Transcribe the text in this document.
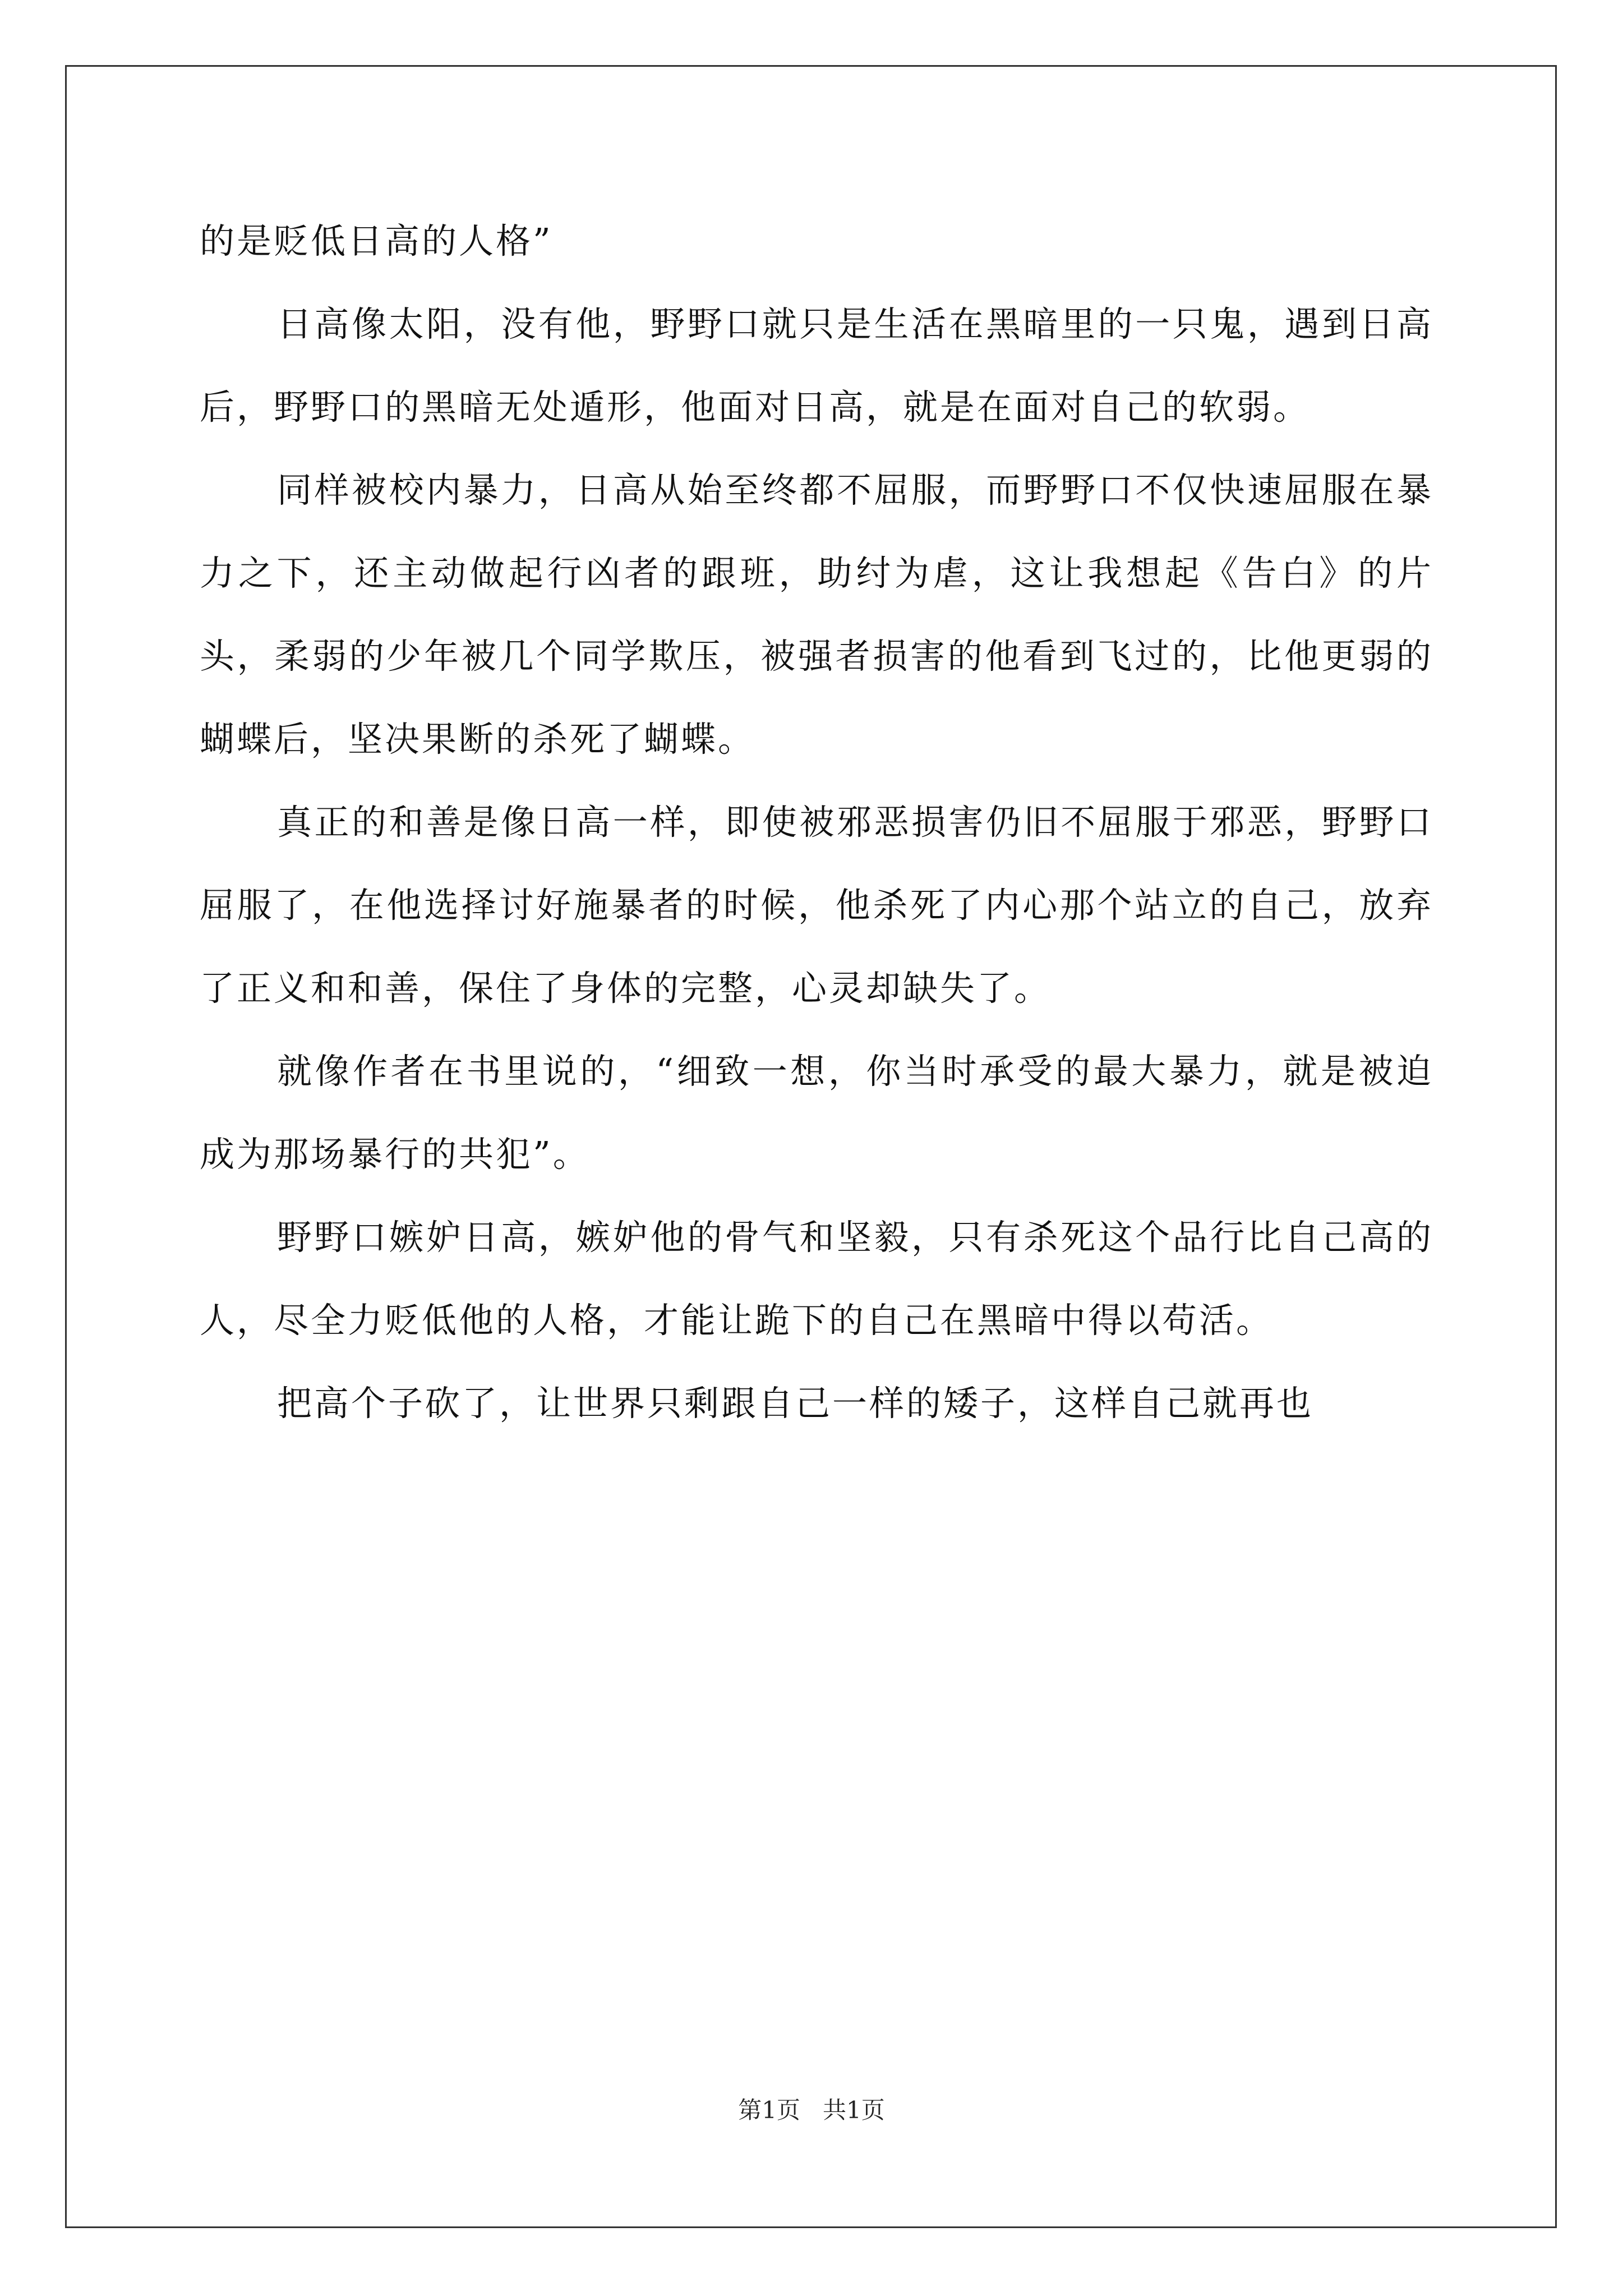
的是贬低日高的人格”

日高像太阳，没有他，野野口就只是生活在黑暗里的一只鬼，遇到日高后，野野口的黑暗无处遁形，他面对日高，就是在面对自己的软弱。

同样被校内暴力，日高从始至终都不屈服，而野野口不仅快速屈服在暴力之下，还主动做起行凶者的跟班，助纣为虐，这让我想起《告白》的片头，柔弱的少年被几个同学欺压，被强者损害的他看到飞过的，比他更弱的蝴蝶后，坚决果断的杀死了蝴蝶。

真正的和善是像日高一样，即使被邪恶损害仍旧不屈服于邪恶，野野口屈服了，在他选择讨好施暴者的时候，他杀死了内心那个站立的自己，放弃了正义和和善，保住了身体的完整，心灵却缺失了。

就像作者在书里说的，“细致一想，你当时承受的最大暴力，就是被迫成为那场暴行的共犯”。

野野口嫉妒日高，嫉妒他的骨气和坚毅，只有杀死这个品行比自己高的人，尽全力贬低他的人格，才能让跪下的自己在黑暗中得以苟活。

把高个子砍了，让世界只剩跟自己一样的矮子，这样自己就再也

第1页   共1页
